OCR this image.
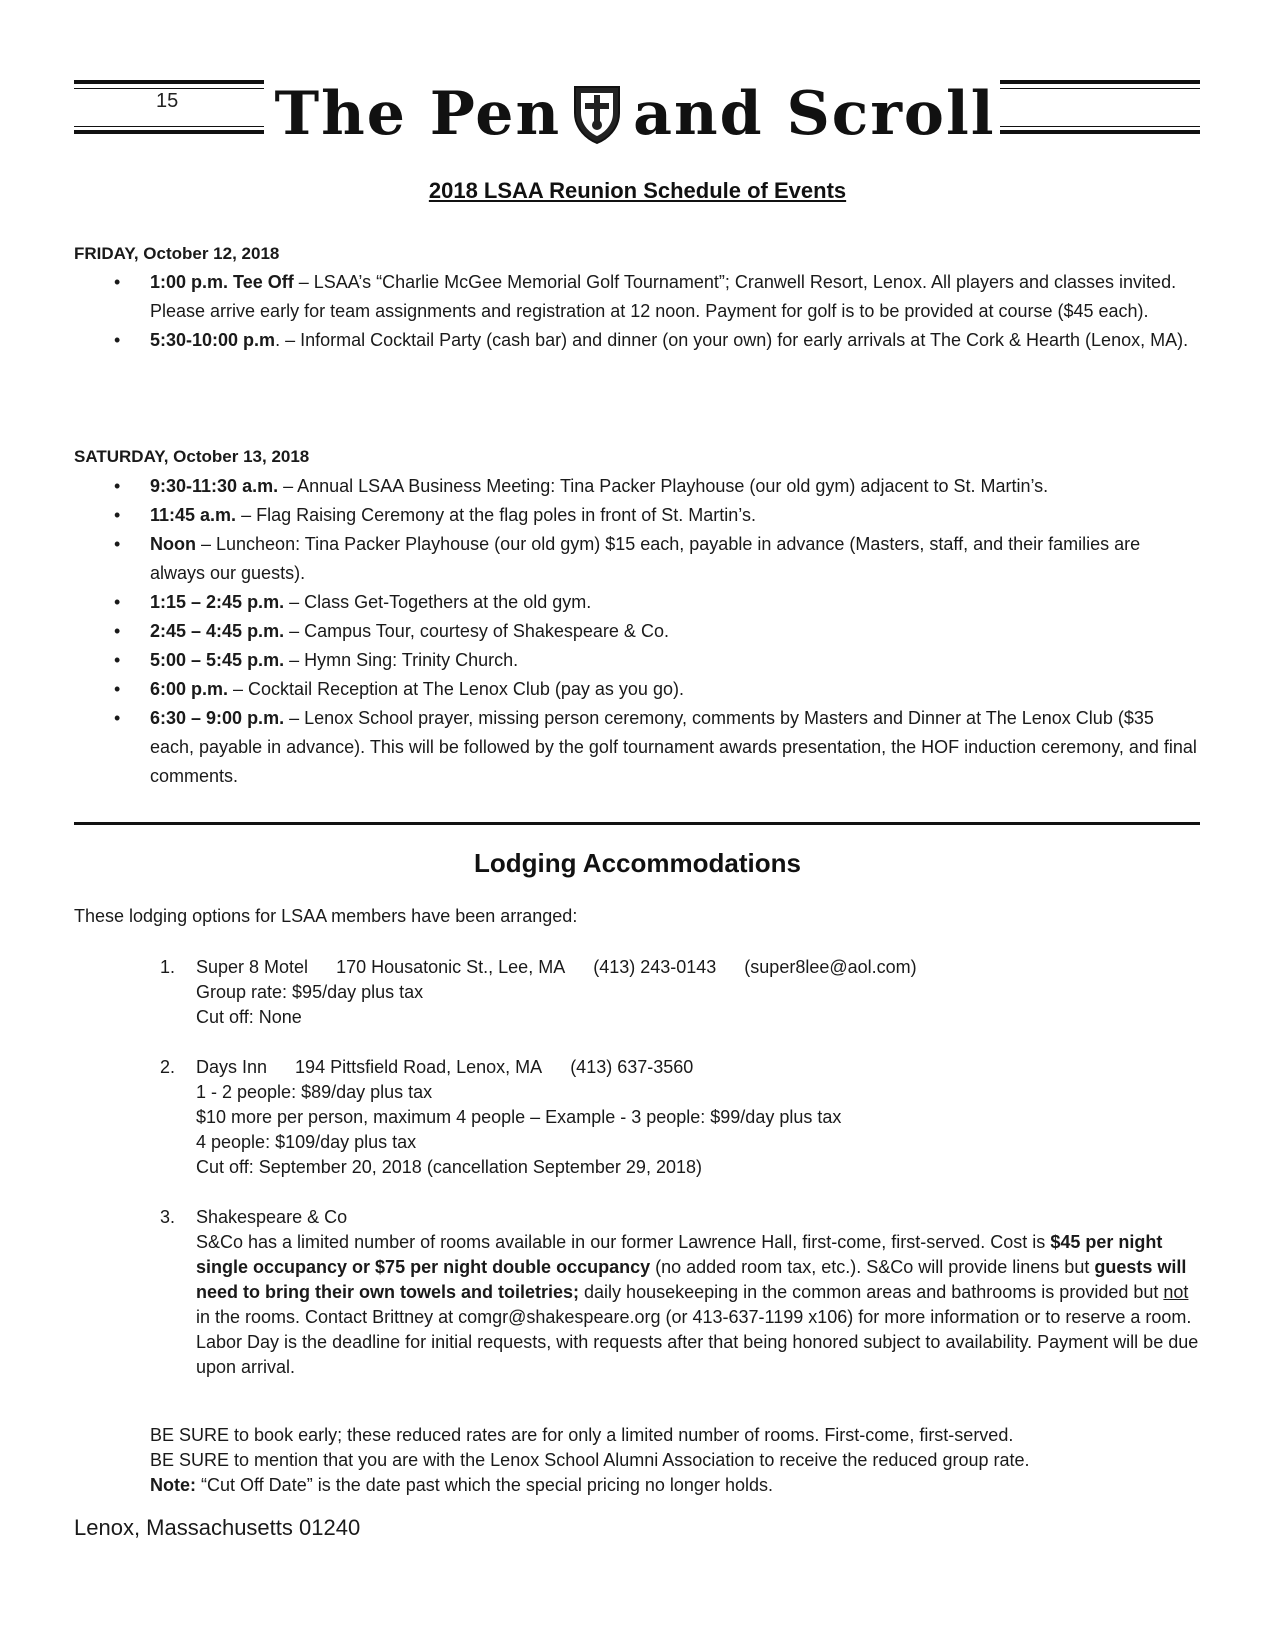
15 The Pen and Scroll
2018 LSAA Reunion Schedule of Events
FRIDAY, October 12, 2018
• 1:00 p.m. Tee Off – LSAA’s “Charlie McGee Memorial Golf Tournament”; Cranwell Resort, Lenox. All players and classes invited. Please arrive early for team assignments and registration at 12 noon. Payment for golf is to be provided at course ($45 each).
• 5:30-10:00 p.m. – Informal Cocktail Party (cash bar) and dinner (on your own) for early arrivals at The Cork & Hearth (Lenox, MA).
SATURDAY, October 13, 2018
• 9:30-11:30 a.m. – Annual LSAA Business Meeting: Tina Packer Playhouse (our old gym) adjacent to St. Martin’s.
• 11:45 a.m. – Flag Raising Ceremony at the flag poles in front of St. Martin’s.
• Noon – Luncheon: Tina Packer Playhouse (our old gym) $15 each, payable in advance (Masters, staff, and their families are always our guests).
• 1:15 – 2:45 p.m. – Class Get-Togethers at the old gym.
• 2:45 – 4:45 p.m. – Campus Tour, courtesy of Shakespeare & Co.
• 5:00 – 5:45 p.m. – Hymn Sing: Trinity Church.
• 6:00 p.m. – Cocktail Reception at The Lenox Club (pay as you go).
• 6:30 – 9:00 p.m. – Lenox School prayer, missing person ceremony, comments by Masters and Dinner at The Lenox Club ($35 each, payable in advance). This will be followed by the golf tournament awards presentation, the HOF induction ceremony, and final comments.
Lodging Accommodations
These lodging options for LSAA members have been arranged:
1. Super 8 Motel 170 Housatonic St., Lee, MA (413) 243-0143 (super8lee@aol.com)
Group rate: $95/day plus tax
Cut off: None
2. Days Inn 194 Pittsfield Road, Lenox, MA (413) 637-3560
1 - 2 people: $89/day plus tax
$10 more per person, maximum 4 people – Example - 3 people: $99/day plus tax
4 people: $109/day plus tax
Cut off: September 20, 2018 (cancellation September 29, 2018)
3. Shakespeare & Co
S&Co has a limited number of rooms available in our former Lawrence Hall, first-come, first-served. Cost is $45 per night single occupancy or $75 per night double occupancy (no added room tax, etc.). S&Co will provide linens but guests will need to bring their own towels and toiletries; daily housekeeping in the common areas and bathrooms is provided but not in the rooms. Contact Brittney at comgr@shakespeare.org (or 413-637-1199 x106) for more information or to reserve a room. Labor Day is the deadline for initial requests, with requests after that being honored subject to availability. Payment will be due upon arrival.
BE SURE to book early; these reduced rates are for only a limited number of rooms. First-come, first-served.
BE SURE to mention that you are with the Lenox School Alumni Association to receive the reduced group rate.
Note: “Cut Off Date” is the date past which the special pricing no longer holds.
Lenox, Massachusetts 01240
